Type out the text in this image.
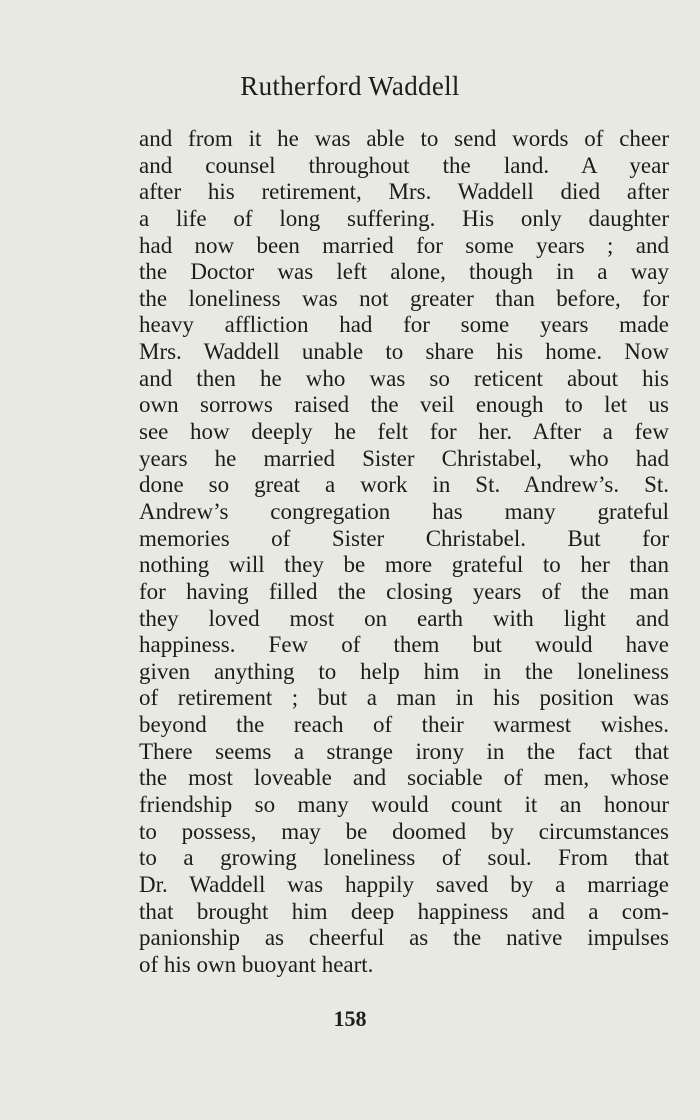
Rutherford Waddell
and from it he was able to send words of cheer
and counsel throughout the land. A year
after his retirement, Mrs. Waddell died after
a life of long suffering. His only daughter
had now been married for some years ; and
the Doctor was left alone, though in a way
the loneliness was not greater than before, for
heavy affliction had for some years made
Mrs. Waddell unable to share his home. Now
and then he who was so reticent about his
own sorrows raised the veil enough to let us
see how deeply he felt for her. After a few
years he married Sister Christabel, who had
done so great a work in St. Andrew’s. St.
Andrew’s congregation has many grateful
memories of Sister Christabel. But for
nothing will they be more grateful to her than
for having filled the closing years of the man
they loved most on earth with light and
happiness. Few of them but would have
given anything to help him in the loneliness
of retirement ; but a man in his position was
beyond the reach of their warmest wishes.
There seems a strange irony in the fact that
the most loveable and sociable of men, whose
friendship so many would count it an honour
to possess, may be doomed by circumstances
to a growing loneliness of soul. From that
Dr. Waddell was happily saved by a marriage
that brought him deep happiness and a com-
panionship as cheerful as the native impulses
of his own buoyant heart.
158
